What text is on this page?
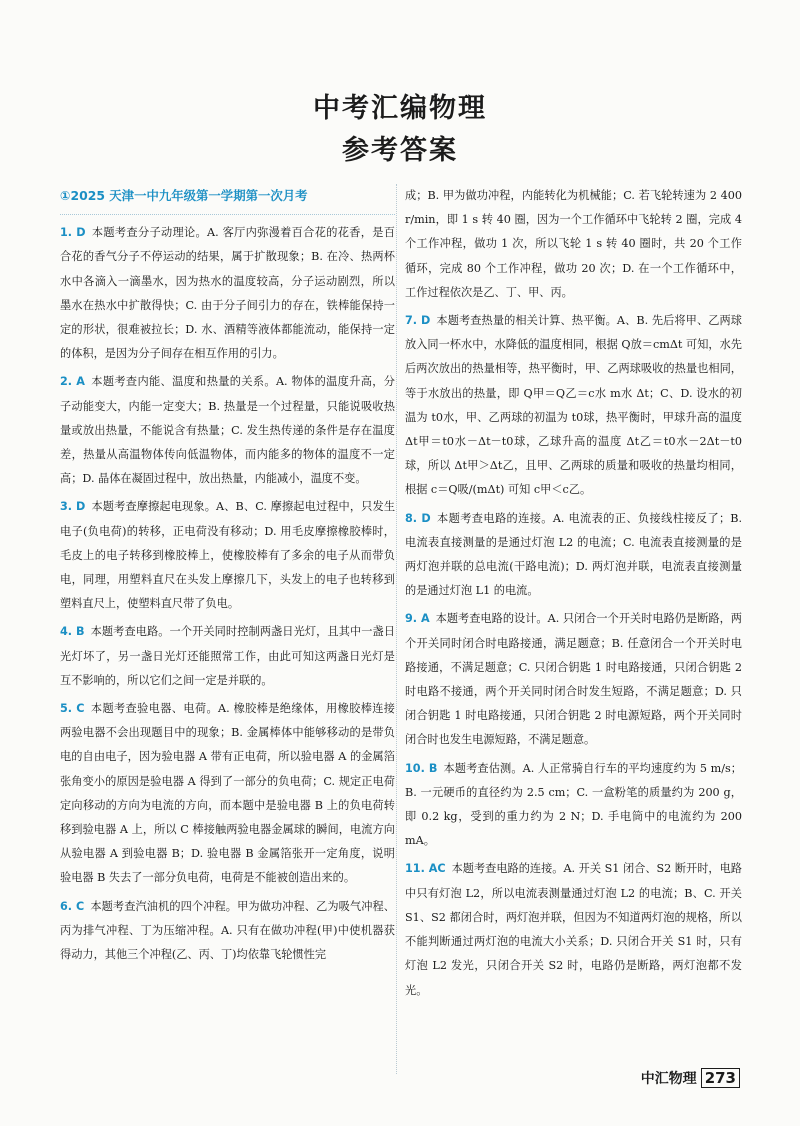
中考汇编物理
参考答案
①2025 天津一中九年级第一学期第一次月考
1. D 本题考查分子动理论。A. 客厅内弥漫着百合花的花香，是百合花的香气分子不停运动的结果，属于扩散现象；B. 在冷、热两杯水中各滴入一滴墨水，因为热水的温度较高，分子运动剧烈，所以墨水在热水中扩散得快；C. 由于分子间引力的存在，铁棒能保持一定的形状，很难被拉长；D. 水、酒精等液体都能流动，能保持一定的体积，是因为分子间存在相互作用的引力。
2. A 本题考查内能、温度和热量的关系。A. 物体的温度升高，分子动能变大，内能一定变大；B. 热量是一个过程量，只能说吸收热量或放出热量，不能说含有热量；C. 发生热传递的条件是存在温度差，热量从高温物体传向低温物体，而内能多的物体的温度不一定高；D. 晶体在凝固过程中，放出热量，内能减小，温度不变。
3. D 本题考查摩擦起电现象。A、B、C. 摩擦起电过程中，只发生电子(负电荷)的转移，正电荷没有移动；D. 用毛皮摩擦橡胶棒时，毛皮上的电子转移到橡胶棒上，使橡胶棒有了多余的电子从而带负电，同理，用塑料直尺在头发上摩擦几下，头发上的电子也转移到塑料直尺上，使塑料直尺带了负电。
4. B 本题考查电路。一个开关同时控制两盏日光灯，且其中一盏日光灯坏了，另一盏日光灯还能照常工作，由此可知这两盏日光灯是互不影响的，所以它们之间一定是并联的。
5. C 本题考查验电器、电荷。A. 橡胶棒是绝缘体，用橡胶棒连接两验电器不会出现题目中的现象；B. 金属棒体中能够移动的是带负电的自由电子，因为验电器 A 带有正电荷，所以验电器 A 的金属箔张角变小的原因是验电器 A 得到了一部分的负电荷；C. 规定正电荷定向移动的方向为电流的方向，而本题中是验电器 B 上的负电荷转移到验电器 A 上，所以 C 棒接触两验电器金属球的瞬间，电流方向从验电器 A 到验电器 B；D. 验电器 B 金属箔张开一定角度，说明验电器 B 失去了一部分负电荷，电荷是不能被创造出来的。
6. C 本题考查汽油机的四个冲程。甲为做功冲程、乙为吸气冲程、丙为排气冲程、丁为压缩冲程。A. 只有在做功冲程(甲)中使机器获得动力，其他三个冲程(乙、丙、丁)均依靠飞轮惯性完
成；B. 甲为做功冲程，内能转化为机械能；C. 若飞轮转速为 2 400 r/min，即 1 s 转 40 圈，因为一个工作循环中飞轮转 2 圈，完成 4 个工作冲程，做功 1 次，所以飞轮 1 s 转 40 圈时，共 20 个工作循环，完成 80 个工作冲程，做功 20 次；D. 在一个工作循环中，工作过程依次是乙、丁、甲、丙。
7. D 本题考查热量的相关计算、热平衡。A、B. 先后将甲、乙两球放入同一杯水中，水降低的温度相同，根据 Q放＝cmΔt 可知，水先后两次放出的热量相等，热平衡时，甲、乙两球吸收的热量也相同，等于水放出的热量，即 Q甲＝Q乙＝c水 m水 Δt；C、D. 设水的初温为 t0水，甲、乙两球的初温为 t0球，热平衡时，甲球升高的温度 Δt甲＝t0水－Δt－t0球，乙球升高的温度 Δt乙＝t0水－2Δt－t0球，所以 Δt甲＞Δt乙，且甲、乙两球的质量和吸收的热量均相同，根据 c＝Q吸/(mΔt) 可知 c甲＜c乙。
8. D 本题考查电路的连接。A. 电流表的正、负接线柱接反了；B. 电流表直接测量的是通过灯泡 L2 的电流；C. 电流表直接测量的是两灯泡并联的总电流(干路电流)；D. 两灯泡并联，电流表直接测量的是通过灯泡 L1 的电流。
9. A 本题考查电路的设计。A. 只闭合一个开关时电路仍是断路，两个开关同时闭合时电路接通，满足题意；B. 任意闭合一个开关时电路接通，不满足题意；C. 只闭合钥匙 1 时电路接通，只闭合钥匙 2 时电路不接通，两个开关同时闭合时发生短路，不满足题意；D. 只闭合钥匙 1 时电路接通，只闭合钥匙 2 时电源短路，两个开关同时闭合时也发生电源短路，不满足题意。
10. B 本题考查估测。A. 人正常骑自行车的平均速度约为 5 m/s；B. 一元硬币的直径约为 2.5 cm；C. 一盒粉笔的质量约为 200 g，即 0.2 kg，受到的重力约为 2 N；D. 手电筒中的电流约为 200 mA。
11. AC 本题考查电路的连接。A. 开关 S1 闭合、S2 断开时，电路中只有灯泡 L2，所以电流表测量通过灯泡 L2 的电流；B、C. 开关 S1、S2 都闭合时，两灯泡并联，但因为不知道两灯泡的规格，所以不能判断通过两灯泡的电流大小关系；D. 只闭合开关 S1 时，只有灯泡 L2 发光，只闭合开关 S2 时，电路仍是断路，两灯泡都不发光。
中汇物理 273
